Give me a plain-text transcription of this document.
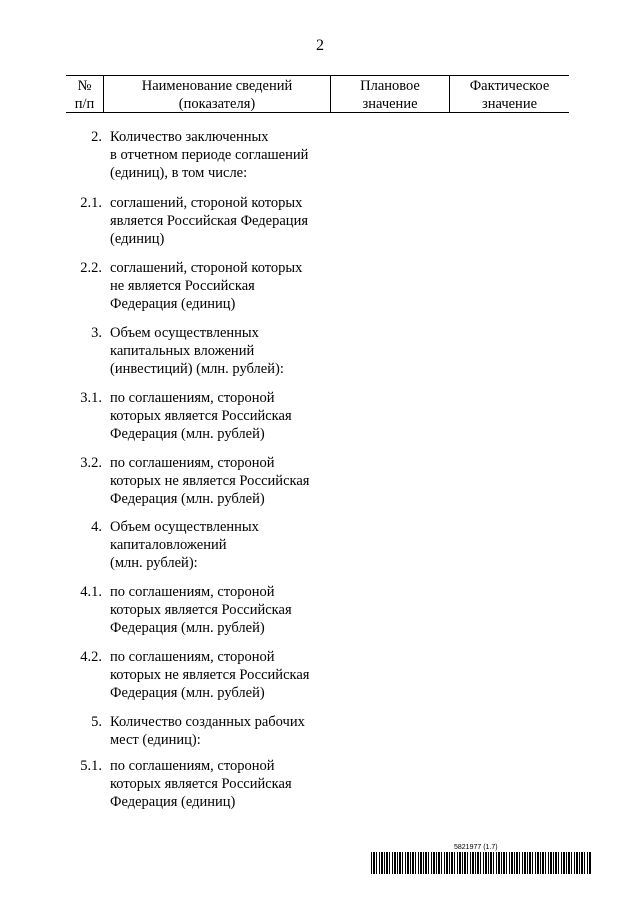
2
№
п/п
Наименование сведений
(показателя)
Плановое
значение
Фактическое
значение
2. Количество заключенных
в отчетном периоде соглашений
(единиц), в том числе:
2.1. соглашений, стороной которых
является Российская Федерация
(единиц)
2.2. соглашений, стороной которых
не является Российская
Федерация (единиц)
3. Объем осуществленных
капитальных вложений
(инвестиций) (млн. рублей):
3.1. по соглашениям, стороной
которых является Российская
Федерация (млн. рублей)
3.2. по соглашениям, стороной
которых не является Российская
Федерация (млн. рублей)
4. Объем осуществленных
капиталовложений
(млн. рублей):
4.1. по соглашениям, стороной
которых является Российская
Федерация (млн. рублей)
4.2. по соглашениям, стороной
которых не является Российская
Федерация (млн. рублей)
5. Количество созданных рабочих
мест (единиц):
5.1. по соглашениям, стороной
которых является Российская
Федерация (единиц)
5821977 (1.7)
